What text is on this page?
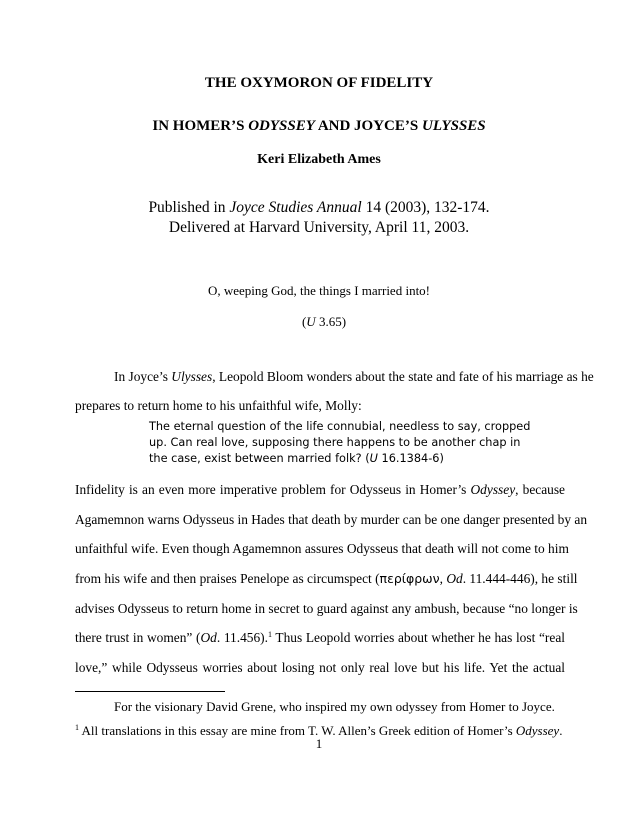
THE OXYMORON OF FIDELITY
IN HOMER’S ODYSSEY AND JOYCE’S ULYSSES
Keri Elizabeth Ames
Published in Joyce Studies Annual 14 (2003), 132-174.
Delivered at Harvard University, April 11, 2003.
O, weeping God, the things I married into!
(U 3.65)
In Joyce’s Ulysses, Leopold Bloom wonders about the state and fate of his marriage as he
prepares to return home to his unfaithful wife, Molly:
The eternal question of the life connubial, needless to say, cropped
up. Can real love, supposing there happens to be another chap in
the case, exist between married folk? (U 16.1384-6)
Infidelity is an even more imperative problem for Odysseus in Homer’s Odyssey, because
Agamemnon warns Odysseus in Hades that death by murder can be one danger presented by an
unfaithful wife. Even though Agamemnon assures Odysseus that death will not come to him
from his wife and then praises Penelope as circumspect (περίφρων, Od. 11.444-446), he still
advises Odysseus to return home in secret to guard against any ambush, because “no longer is
there trust in women” (Od. 11.456).$^1$ Thus Leopold worries about whether he has lost “real
love,” while Odysseus worries about losing not only real love but his life. Yet the actual
For the visionary David Grene, who inspired my own odyssey from Homer to Joyce.
$^1$ All translations in this essay are mine from T. W. Allen’s Greek edition of Homer’s Odyssey.
1
